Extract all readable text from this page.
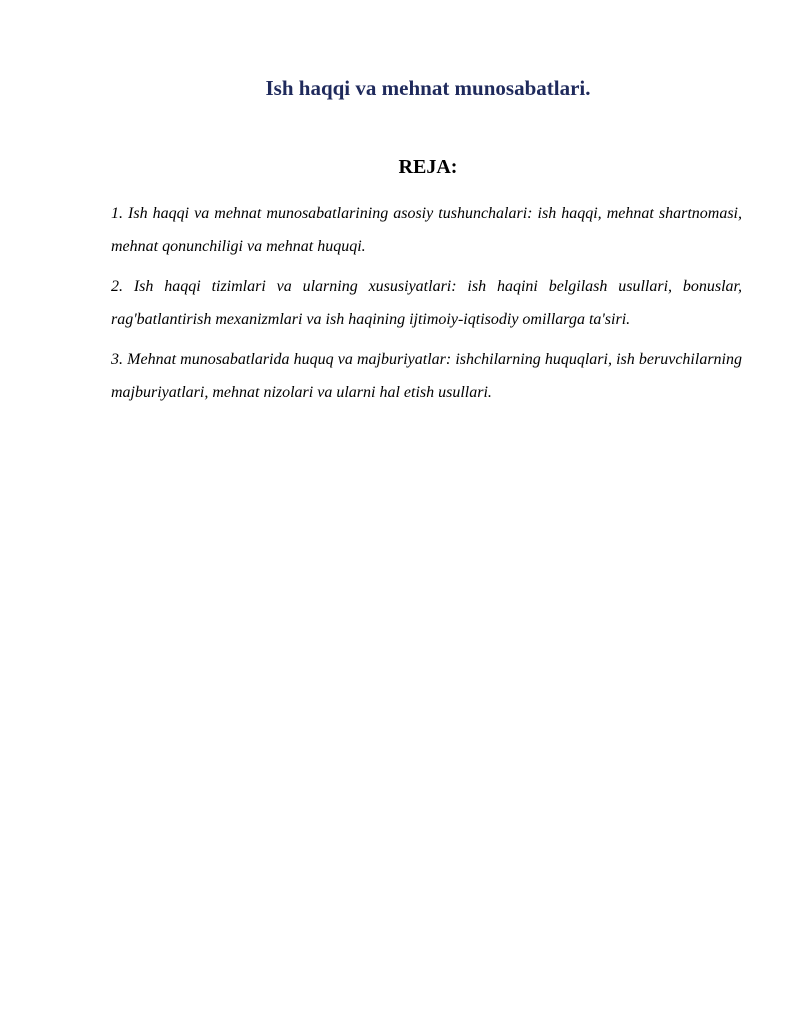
Ish haqqi va mehnat munosabatlari.
REJA:
1. Ish haqqi va mehnat munosabatlarining asosiy tushunchalari: ish haqqi, mehnat shartnomasi, mehnat qonunchiligi va mehnat huquqi.
2. Ish haqqi tizimlari va ularning xususiyatlari: ish haqini belgilash usullari, bonuslar, rag'batlantirish mexanizmlari va ish haqining ijtimoiy-iqtisodiy omillarga ta'siri.
3. Mehnat munosabatlarida huquq va majburiyatlar: ishchilarning huquqlari, ish beruvchilarning majburiyatlari, mehnat nizolari va ularni hal etish usullari.
